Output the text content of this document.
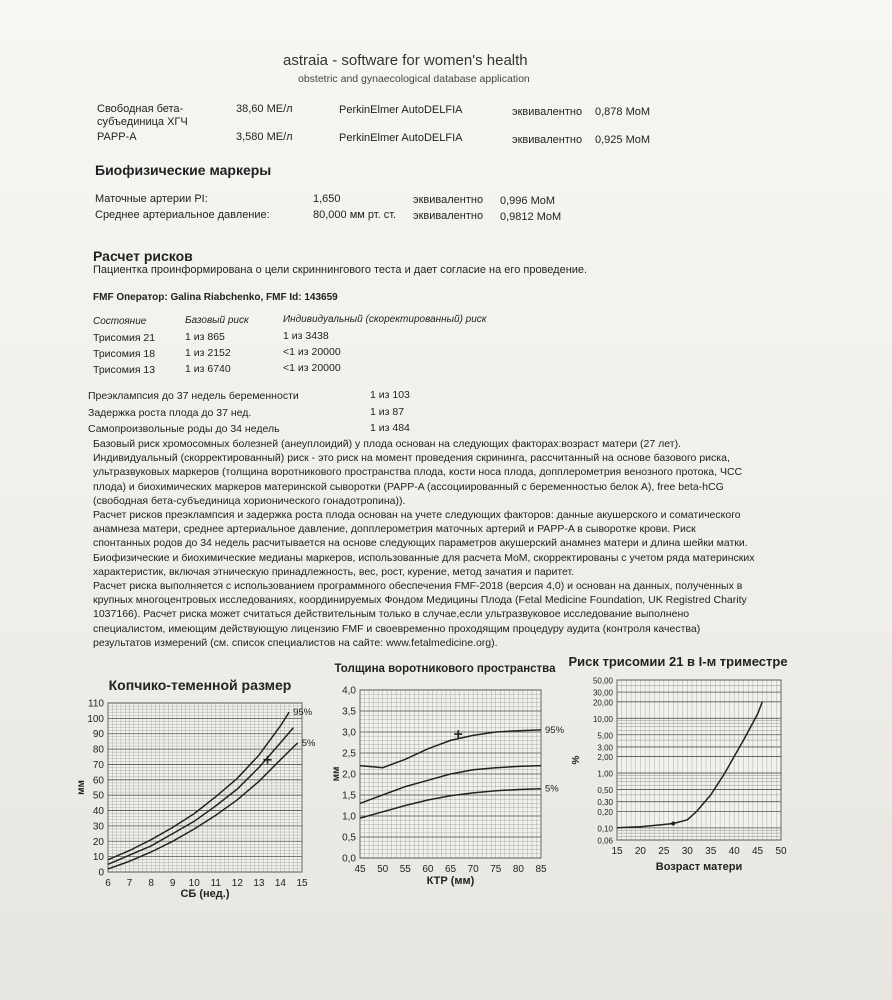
astraia - software for women's health
obstetric and gynaecological database application
Свободная бета-
субъединица ХГЧ
38,60 МЕ/л	PerkinElmer AutoDELFIA	эквивалентно 0,878 MoM
PAPP-A	3,580 МЕ/л	PerkinElmer AutoDELFIA	эквивалентно 0,925 MoM
Биофизические маркеры
Маточные артерии PI:	1,650	эквивалентно 0,996 MoM
Среднее артериальное давление:	80,000 мм рт. ст. эквивалентно 0,9812 MoM
Расчет рисков
Пациентка проинформирована о цели скриннингового теста и дает согласие на его проведение.
FMF Оператор: Galina Riabchenko, FMF Id: 143659
Состояние	Базовый риск	Индивидуальный (скоректированный) риск
Трисомия 21	1 из 865	1 из 3438
Трисомия 18	1 из 2152	<1 из 20000
Трисомия 13	1 из 6740	<1 из 20000
Преэклампсия до 37 недель беременности	1 из 103
Задержка роста плода до 37 нед.	1 из 87
Самопроизвольные роды до 34 недель	1 из 484
Базовый риск хромосомных болезней (анеуплоидий) у плода основан на следующих факторах:возраст матери (27 лет).
Индивидуальный (скорректированный) риск - это риск на момент проведения скрининга, рассчитанный на основе базового риска,
ультразвуковых маркеров (толщина воротникового пространства плода, кости носа плода, допплерометрия венозного протока, ЧСС
плода) и биохимических маркеров материнской сыворотки (PAPP-A (ассоциированный с беременностью белок А), free beta-hCG
(свободная бета-субъединица хорионического гонадотропина)).
Расчет рисков преэклампсия и задержка роста плода основан на учете следующих факторов: данные акушерского и соматического
анамнеза матери, среднее артериальное давление, допплерометрия маточных артерий и PAPP-A в сыворотке крови. Риск
спонтанных родов до 34 недель расчитывается на основе следующих параметров акушерский анамнез матери и длина шейки матки.
Биофизические и биохимические медианы маркеров, использованные для расчета MoM, скорректированы с учетом ряда материнских
характеристик, включая этническую принадлежность, вес, рост, курение, метод зачатия и паритет.
Расчет риска выполняется с использованием программного обеспечения FMF-2018 (версия 4,0) и основан на данных, полученных в
крупных многоцентровых исследованиях, координируемых Фондом Медицины Плода (Fetal Medicine Foundation, UK Registred Charity
1037166). Расчет риска может считаться действительным только в случае,если ультразвуковое исследование выполнено
специалистом, имеющим действующую лицензию FMF и своевременно проходящим процедуру аудита (контроля качества)
результатов измерений (см. список специалистов на сайте: www.fetalmedicine.org).
6 7 8 9 10 11 12 13 14 15
0
10
20
30
40
50
60
70
80
90
100
110
95%
5%
Копчико-теменной размер
СБ (нед.)
мм
45 50 55 60 65 70 75 80 85
0,0
0,5
1,0
1,5
2,0
2,5
3,0
3,5
4,0
95%
5%
Толщина воротникового пространства
КТР (мм)
мм
15 20 25 30 35 40 45 50
0,06
0,10
0,20
0,30
0,50
1,00
2,00
3,00
5,00
10,00
20,00
30,00
50,00
Риск трисомии 21 в I-м триместре
Возраст матери
%
